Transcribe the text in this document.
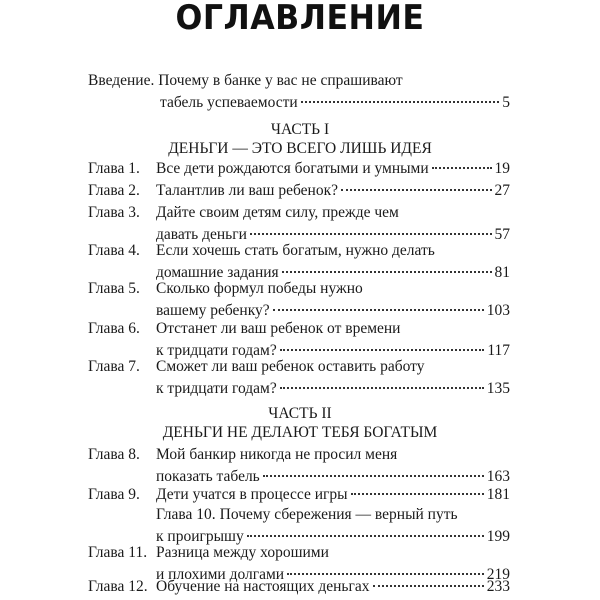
ОГЛАВЛЕНИЕ
Введение. Почему в банке у вас не спрашивают
табель успеваемости	5
ЧАСТЬ I
ДЕНЬГИ — ЭТО ВСЕГО ЛИШЬ ИДЕЯ
Глава 1.	Все дети рождаются богатыми и умными	19
Глава 2.	Талантлив ли ваш ребенок?	27
Глава 3.	Дайте своим детям силу, прежде чем
давать деньги	57
Глава 4.	Если хочешь стать богатым, нужно делать
домашние задания	81
Глава 5.	Сколько формул победы нужно
вашему ребенку?	103
Глава 6.	Отстанет ли ваш ребенок от времени
к тридцати годам?	117
Глава 7.	Сможет ли ваш ребенок оставить работу
к тридцати годам?	135
ЧАСТЬ II
ДЕНЬГИ НЕ ДЕЛАЮТ ТЕБЯ БОГАТЫМ
Глава 8.	Мой банкир никогда не просил меня
показать табель	163
Глава 9.	Дети учатся в процессе игры	181
Глава 10. Почему сбережения — верный путь
к проигрышу	199
Глава 11. Разница между хорошими
и плохими долгами	219
Глава 12. Обучение на настоящих деньгах	233
